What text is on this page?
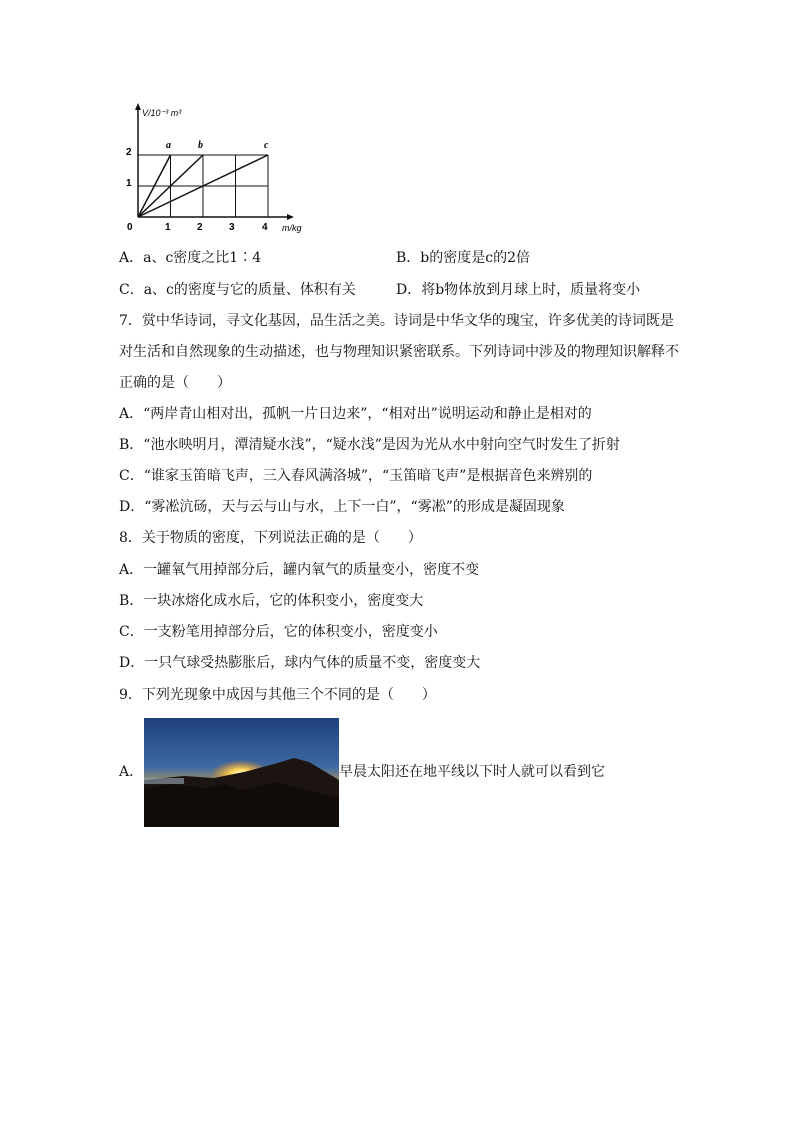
V/10⁻³ m³
m/kg
0	1	2	3	4
1
2
a	b	c
A．a、c密度之比1∶4	B．b的密度是c的2倍
C．a、c的密度与它的质量、体积有关	D．将b物体放到月球上时，质量将变小
7．赏中华诗词，寻文化基因，品生活之美。诗词是中华文华的瑰宝，许多优美的诗词既是
对生活和自然现象的生动描述，也与物理知识紧密联系。下列诗词中涉及的物理知识解释不
正确的是（　　）
A．“两岸青山相对出，孤帆一片日边来”，“相对出”说明运动和静止是相对的
B．“池水映明月，潭清疑水浅”，“疑水浅”是因为光从水中射向空气时发生了折射
C．“谁家玉笛暗飞声，三入春风满洛城”，“玉笛暗飞声”是根据音色来辨别的
D．“雾凇沆砀，天与云与山与水，上下一白”，“雾凇”的形成是凝固现象
8．关于物质的密度，下列说法正确的是（　　）
A．一罐氧气用掉部分后，罐内氧气的质量变小，密度不变
B．一块冰熔化成水后，它的体积变小，密度变大
C．一支粉笔用掉部分后，它的体积变小，密度变小
D．一只气球受热膨胀后，球内气体的质量不变，密度变大
9．下列光现象中成因与其他三个不同的是（　　）
A．	早晨太阳还在地平线以下时人就可以看到它
